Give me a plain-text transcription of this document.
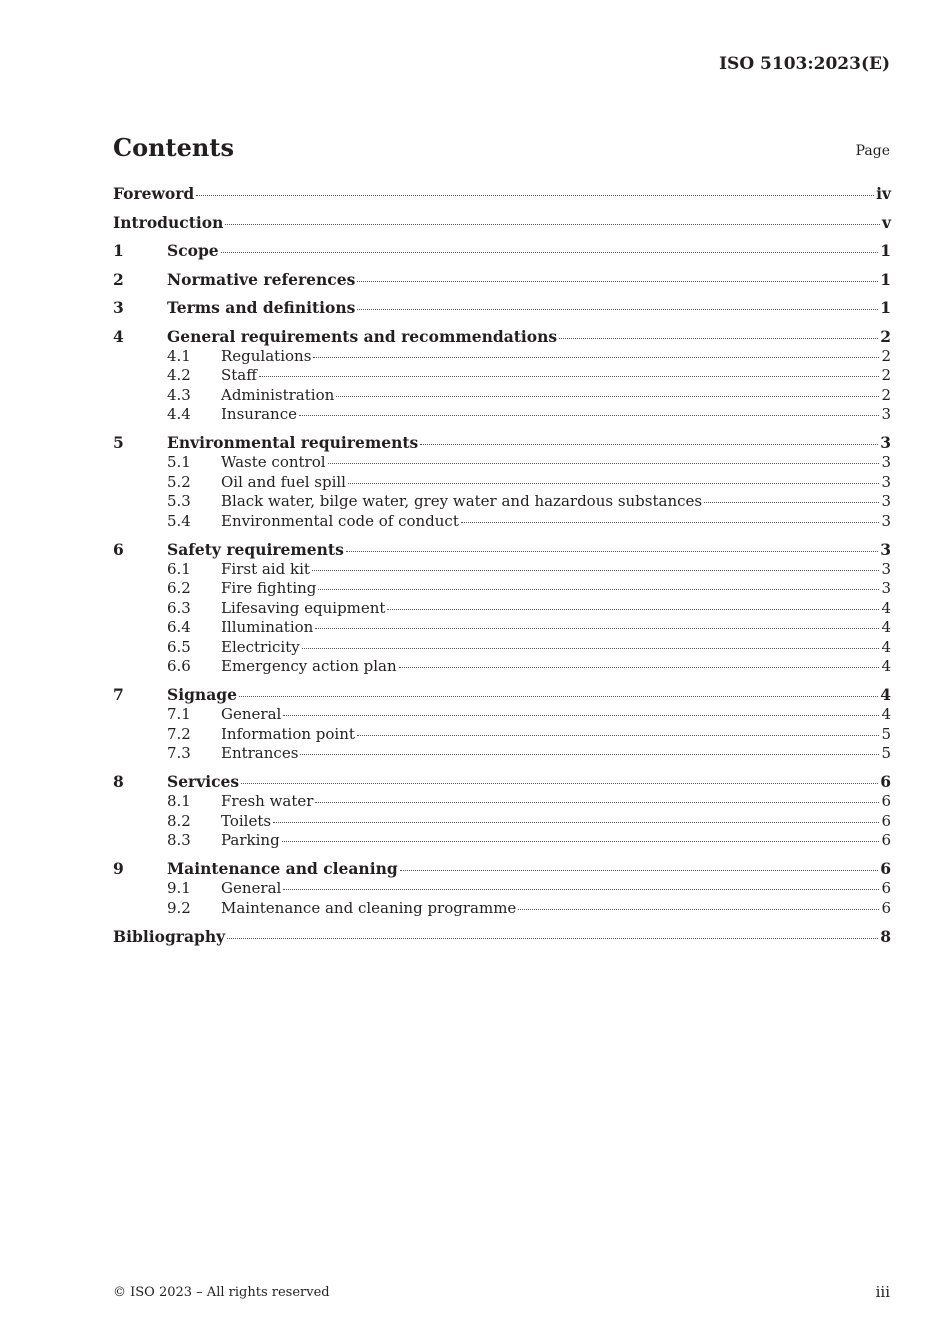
ISO 5103:2023(E)
Contents	Page
Foreword	iv
Introduction	v
1	Scope	1
2	Normative references	1
3	Terms and definitions	1
4	General requirements and recommendations	2
4.1	Regulations	2
4.2	Staff	2
4.3	Administration	2
4.4	Insurance	3
5	Environmental requirements	3
5.1	Waste control	3
5.2	Oil and fuel spill	3
5.3	Black water, bilge water, grey water and hazardous substances	3
5.4	Environmental code of conduct	3
6	Safety requirements	3
6.1	First aid kit	3
6.2	Fire fighting	3
6.3	Lifesaving equipment	4
6.4	Illumination	4
6.5	Electricity	4
6.6	Emergency action plan	4
7	Signage	4
7.1	General	4
7.2	Information point	5
7.3	Entrances	5
8	Services	6
8.1	Fresh water	6
8.2	Toilets	6
8.3	Parking	6
9	Maintenance and cleaning	6
9.1	General	6
9.2	Maintenance and cleaning programme	6
Bibliography	8
© ISO 2023 – All rights reserved	iii
